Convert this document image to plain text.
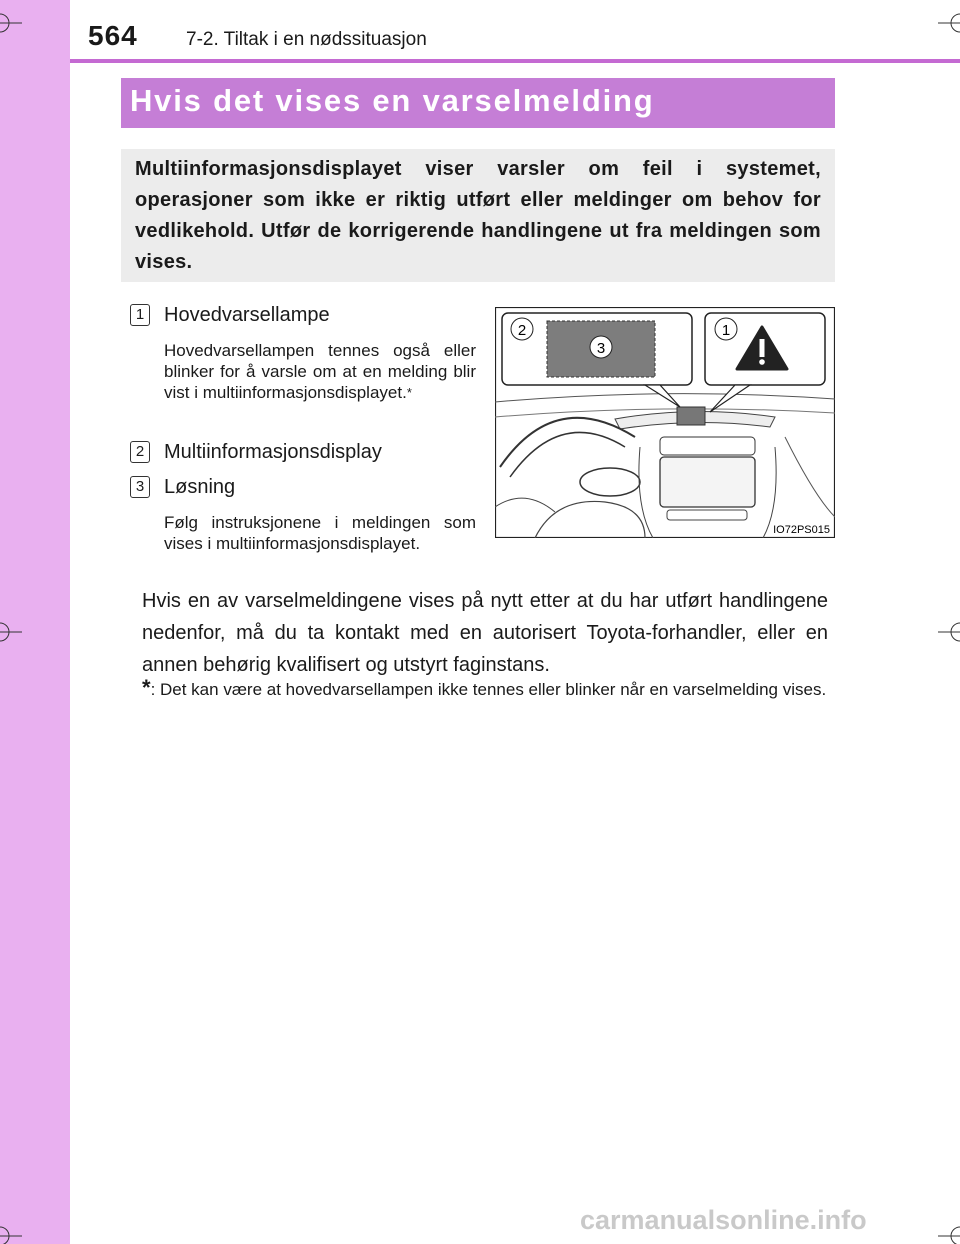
564	7-2. Tiltak i en nødssituasjon
Hvis det vises en varselmelding
Multiinformasjonsdisplayet viser varsler om feil i systemet, operasjoner som ikke er riktig utført eller meldinger om behov for vedlikehold. Utfør de korrigerende handlingene ut fra meldingen som vises.
1 Hovedvarsellampe
Hovedvarsellampen tennes også eller blinker for å varsle om at en melding blir vist i multiinformasjonsdisplayet.*
2 Multiinformasjonsdisplay
3 Løsning
Følg instruksjonene i meldingen som vises i multiinformasjonsdisplayet.
2
3
1
IO72PS015
Hvis en av varselmeldingene vises på nytt etter at du har utført handlingene nedenfor, må du ta kontakt med en autorisert Toyota-forhandler, eller en annen behørig kvalifisert og utstyrt faginstans.
*: Det kan være at hovedvarsellampen ikke tennes eller blinker når en varselmelding vises.
carmanualsonline.info
